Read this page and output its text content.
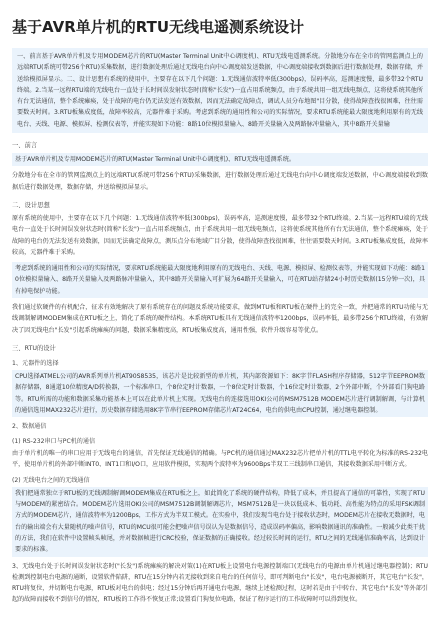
基于AVR单片机的RTU无线电遥测系统设计
一、前言基于AVR单片机及专用MODEM芯片的RTU(Master Terminal Unit中心调度机)、RTU无线电遥测系统。分散地分布在全市的管网监测点上的远端RTU(系统可带256个RTU)采集数据，进行数据处理后通过无线电台向中心调度端发送数据，中心调度端接收到数据后进行数据处理，数据存储，并送给模拟屏显示。二、设计思想有系统的使用中，主要存在以下几个问题：1.无线通信波特率低(300bps)，误码率高，巡测速度慢，最多带32个RTU终端。2.当某一远程RTU端的无线电台一直处于长时间误发射状态时(简称"长发")一直占用系统频点，由于系统共用一组无线电频点，这将使系统其他所有台无法通信，整个系统瘫痪，处于故障的电台仍无法发送有效数据，因而无法确定故障点，调试人员分布地图"目分散，使得故障查找很困难，往往需要数天时间。3.RTU板集成度低，故障率较高，元器件难于采购。考虑到系统的通用性和公司的实际情况，要求RTU系统能最大限度地利用原有的无线电台、天线、电源、模拟屏、检测仪表等，并能实现如下功能：8路10位模拟量输入、8路开关量输入及两路脉冲量输入，其中8路开关量输
一、前言
基于AVR单片机及专用MODEM芯片的RTU(Master Terminal Unit中心调度机)、RTU无线电遥测系统。
分散地分布在全市的管网监测点上的远端RTU(系统可带256个RTU)采集数据，进行数据处理后通过无线电台向中心调度端发送数据，中心调度端接收到数据后进行数据处理，数据存储，并送给模拟屏显示。
二、设计思想
原有系统的使用中，主要存在以下几个问题：1.无线通信波特率低(300bps)，误码率高，巡测速度慢，最多带32个RTU终端。2.当某一远程RTU端的无线电台一直处于长时间误发射状态时(简称"长发")一直占用系统频点，由于系统共用一组无线电频点，这将使系统其他所有台无法通信，整个系统瘫痪，处于故障的电台仍无法发送有效数据，因而无法确定故障点，测压点分布地域广目分散，使得故障查找很困难，往往需要数天时间。3.RTU板集成度低，故障率较高，元器件难于采购。
考虑到系统的通用性和公司的实际情况，要求RTU系统能最大限度地利用原有的无线电台、天线、电源、模拟屏、检测仪表等，并能实现如下功能：8路10位模拟量输入、8路开关量输入及两路脉冲量输入，其中8路开关量输入可扩展为64路开关量输入，可在RTU站存储24小时历史数据(15分钟一次)，具有掉电保护功能。
我们通过软硬件的有机配合，征求有效地解决了原有系统存在的问题及系统功能要求，做到MTU板和RTU板在硬件上的完全一致，并把通常的RTU功能与无线调制解调MODEM集成在RTU板之上，简化了系统的硬件结构。本系统RTU板具有无线通信波特率1200bps，误码率低，最多带256个RTU终端，有效解决了因无线电台"长发"引起系统瘫痪的问题，数据采集精度高，RTU板集成度高，通用性强，软件升级容易等优点。
三、RTU的设计
1、元器件的选择
CPU选择ATMEL公司的AVR系列单片机AT90S8535，该芯片是比较新型的单片机，其内部资源如下：8K字节FLASH程序存储器，512字节EEPROM数据存储器，8通道10位精度A/D转换器，一个标准串口，个8位定时计数器，一个8位定时计数器，个16位定时计数器，2个外部中断，个外部看门狗电路等。RTU所需的功能和数据采集功能基本上可以在此单片机上实现。无线电台的连接选用OKI公司的MSM7512B MODEM芯片进行调制解调，与计算机的通信选用MAX232芯片进行，历史数据存储选用8K字节串行EEPROM存储芯片AT24C64，电台的供电由CPU控制，通过继电器控制。
2、数据通信
(1) RS-232串口与PC机的通信
由于单片机的唯一的串口应用于无线电台的通信，首先保证无线通信的精确。与PC机的通信通过MAX232芯片把单片机的TTL电平转化为标准的RS-232电平，使用单片机的外部中断INT0、INT1口和I/O口，应用软件模拟，实现两个波特率为9600Bps半双工三线制串口通信，其接收数据采用中断方式。
(2) 无线电台之间的无线通信
我们把通常独立于RTU板的无线调制解调MODEM集成在RTU板之上，如此简化了系统的硬件结构，降低了成本，并且提高了通信的可靠性，实现了RTU与MODEM的紧密结合。MODEM芯片选用OKI公司的MSM7512B调制解调芯片，MSM7512B是一块以低成本、低功耗、高性能为特点的采用FSK调制方式的MODEM芯片，通信波特率为1200Bps，工作方式为半双工模式。在实验中，我们发现当电台处于接收状态时，MODEM芯片在接收无数据时，电台的输出端会有大量随机的噪声信号，RTU的MCU很可能会把噪声信号误认为是数据信号，造成误码率偏高，影响数据通讯的准确性。一般减少此类干扰的方法，我们在软件中设置帧头帧尾，并对数据帧进行CRC校验，保证数据的正确接收。经过较长时间的运行，RTU之间的无线通信准确率高，达到设计要求的标准。
3、无线电台处于长时间误发射状态时("长发")系统瘫痪的解决对策(1)在RTU板上设置电台电源控制端口(无线电台的电源由单片机通过继电器控制)；RTU检测到控制电台电源的通断，设置软件陷阱，RTU在15分钟内若无接收到来自电台的任何信号，即可判断电台"长发"，电台电源被断开，其它电台"长发"，RTU将复位，并切断电台电源，RTU板对电台的供电；经过15分钟后再开通电台电源，继续上述检测过程，这时若是由于中转台、其它电台"长发"等外部引起的故障而接收不到信号的情况，RTU板的工作得不恢复正常;设置看门狗复位电路，保证了程序运行的工作故障时可以得到复位。
